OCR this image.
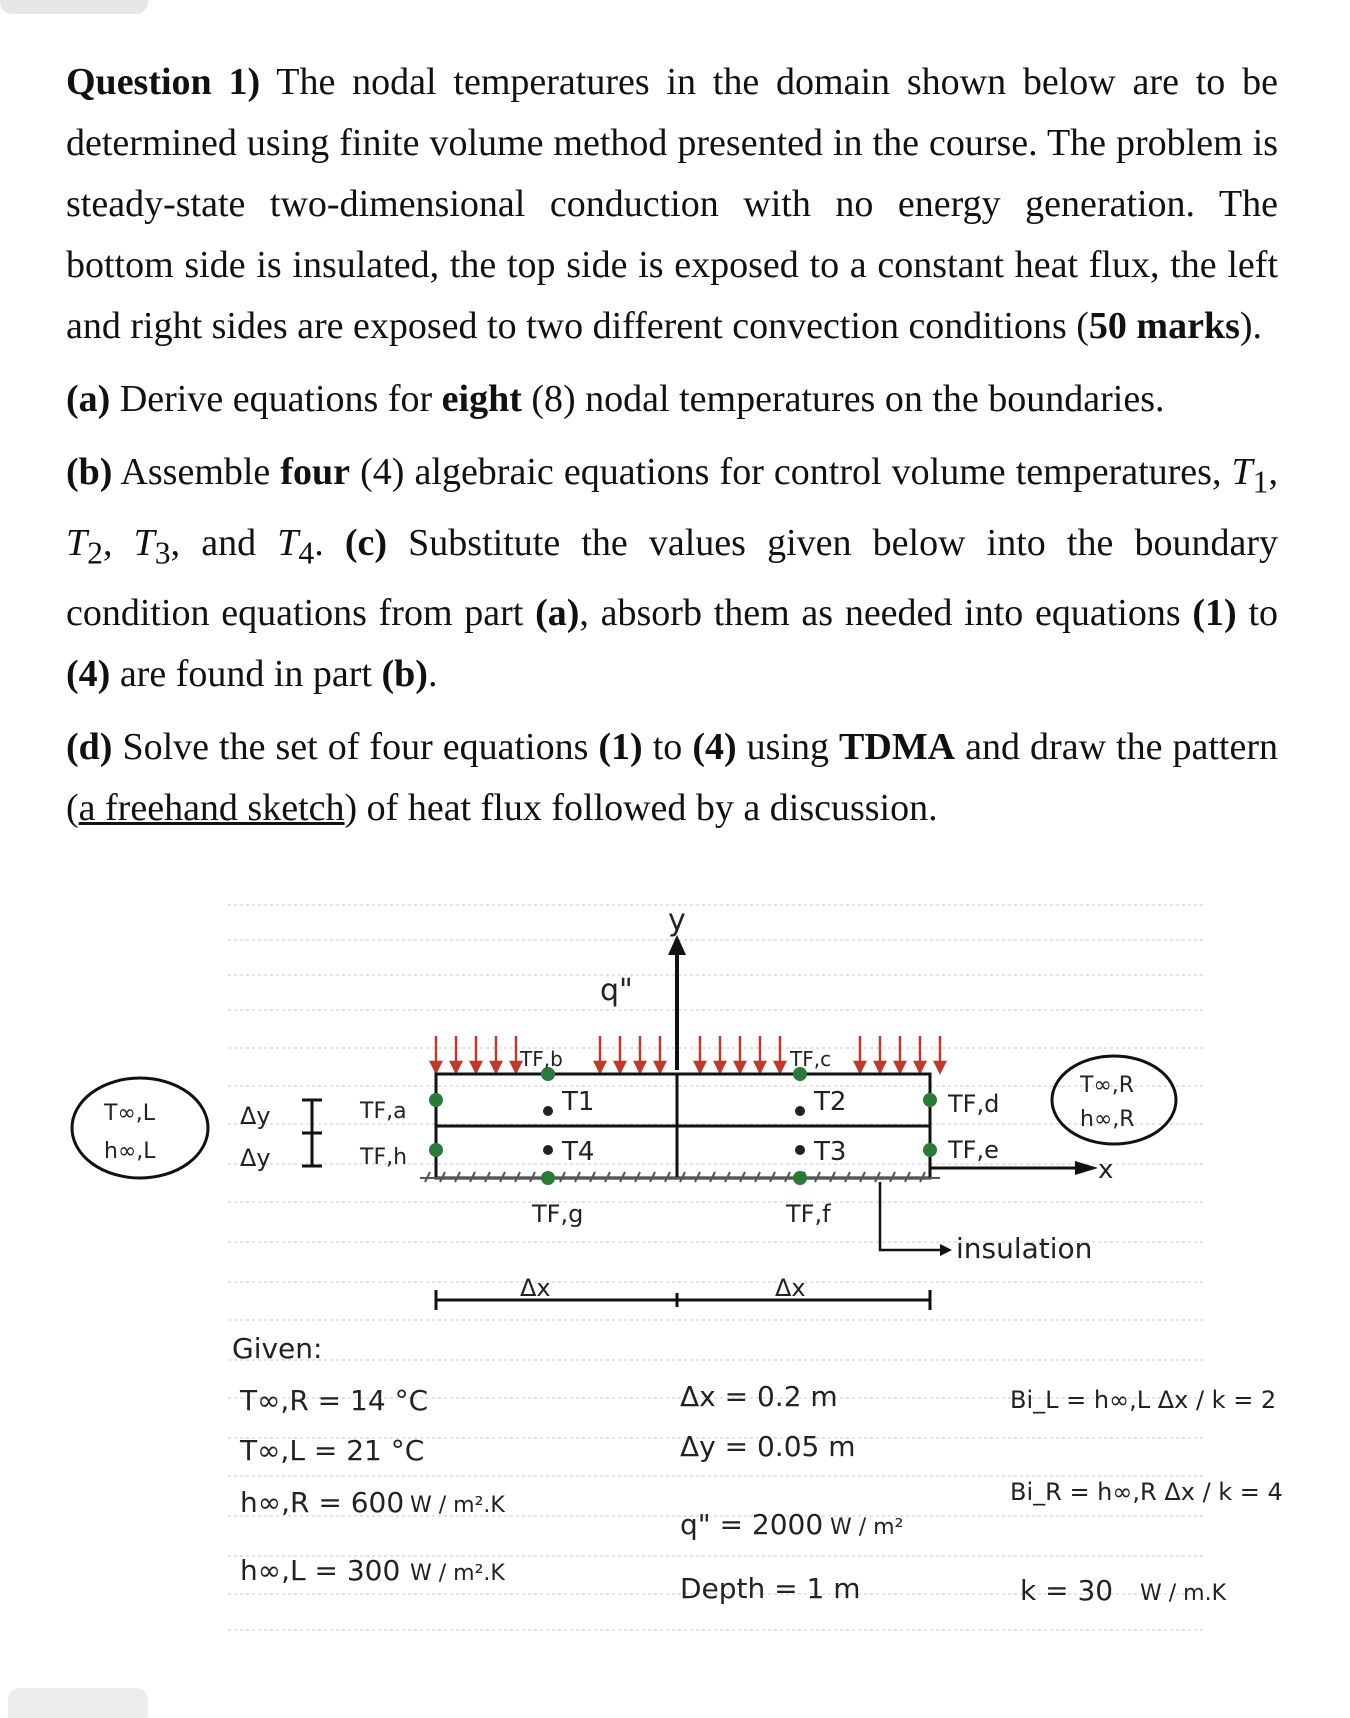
Question 1) The nodal temperatures in the domain shown below are to be determined using finite volume method presented in the course. The problem is steady-state two-dimensional conduction with no energy generation. The bottom side is insulated, the top side is exposed to a constant heat flux, the left and right sides are exposed to two different convection conditions (50 marks).

(a) Derive equations for eight (8) nodal temperatures on the boundaries.

(b) Assemble four (4) algebraic equations for control volume temperatures, $T_1$, $T_2$, $T_3$, and $T_4$. (c) Substitute the values given below into the boundary condition equations from part (a), absorb them as needed into equations (1) to (4) are found in part (b).

(d) Solve the set of four equations (1) to (4) using TDMA and draw the pattern (a freehand sketch) of heat flux followed by a discussion.

y
q"
x
T1	T2
T3
T4
TF,b	TF,c
TF,a
TF,h
TF,d
TF,e
TF,g	TF,f
T∞,L
h∞,L
T∞,R
h∞,R
Δy
Δy
insulation
Δx	Δx
Given:
T∞,R = 14 °C
T∞,L = 21 °C
h∞,R = 600
h∞,L = 300
W / m².K
W / m².K
Δx = 0.2 m
Δy = 0.05 m
q" = 2000 W / m²
Depth = 1 m
Bi_L = h∞,L Δx / k = 2
Bi_R = h∞,R Δx / k = 4
k = 30 W / m.K
